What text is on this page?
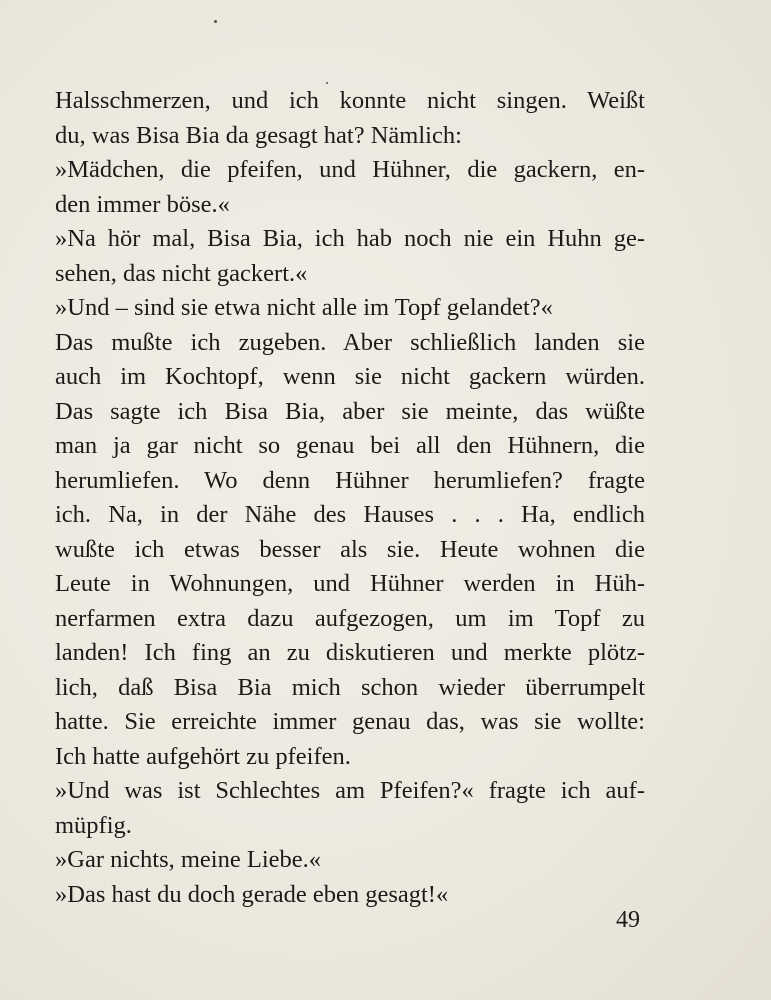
Halsschmerzen, und ich konnte nicht singen. Weißt
du, was Bisa Bia da gesagt hat? Nämlich:
»Mädchen, die pfeifen, und Hühner, die gackern, en-
den immer böse.«
»Na hör mal, Bisa Bia, ich hab noch nie ein Huhn ge-
sehen, das nicht gackert.«
»Und – sind sie etwa nicht alle im Topf gelandet?«
Das mußte ich zugeben. Aber schließlich landen sie
auch im Kochtopf, wenn sie nicht gackern würden.
Das sagte ich Bisa Bia, aber sie meinte, das wüßte
man ja gar nicht so genau bei all den Hühnern, die
herumliefen. Wo denn Hühner herumliefen? fragte
ich. Na, in der Nähe des Hauses . . . Ha, endlich
wußte ich etwas besser als sie. Heute wohnen die
Leute in Wohnungen, und Hühner werden in Hüh-
nerfarmen extra dazu aufgezogen, um im Topf zu
landen! Ich fing an zu diskutieren und merkte plötz-
lich, daß Bisa Bia mich schon wieder überrumpelt
hatte. Sie erreichte immer genau das, was sie wollte:
Ich hatte aufgehört zu pfeifen.
»Und was ist Schlechtes am Pfeifen?« fragte ich auf-
müpfig.
»Gar nichts, meine Liebe.«
»Das hast du doch gerade eben gesagt!«
49
